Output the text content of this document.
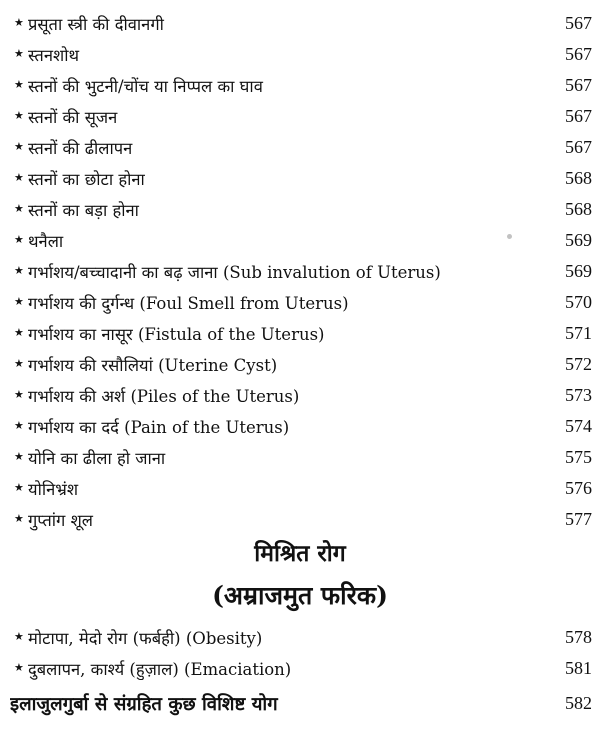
★ प्रसूता स्त्री की दीवानगी	567
★ स्तनशोथ	567
★ स्तनों की भुटनी/चोंच या निप्पल का घाव	567
★ स्तनों की सूजन	567
★ स्तनों की ढीलापन	567
★ स्तनों का छोटा होना	568
★ स्तनों का बड़ा होना	568
★ थनैला	569
★ गर्भाशय/बच्चादानी का बढ़ जाना (Sub invalution of Uterus)	569
★ गर्भाशय की दुर्गन्ध (Foul Smell from Uterus)	570
★ गर्भाशय का नासूर (Fistula of the Uterus)	571
★ गर्भाशय की रसौलियां (Uterine Cyst)	572
★ गर्भाशय की अर्श (Piles of the Uterus)	573
★ गर्भाशय का दर्द (Pain of the Uterus)	574
★ योनि का ढीला हो जाना	575
★ योनिभ्रंश	576
★ गुप्तांग शूल	577
मिश्रित रोग
(अम्राजमुत फरिक)
★ मोटापा, मेदो रोग (फर्बही) (Obesity)	578
★ दुबलापन, कार्श्य (हुज़ाल) (Emaciation)	581
इलाजुलगुर्बा से संग्रहित कुछ विशिष्ट योग	582
